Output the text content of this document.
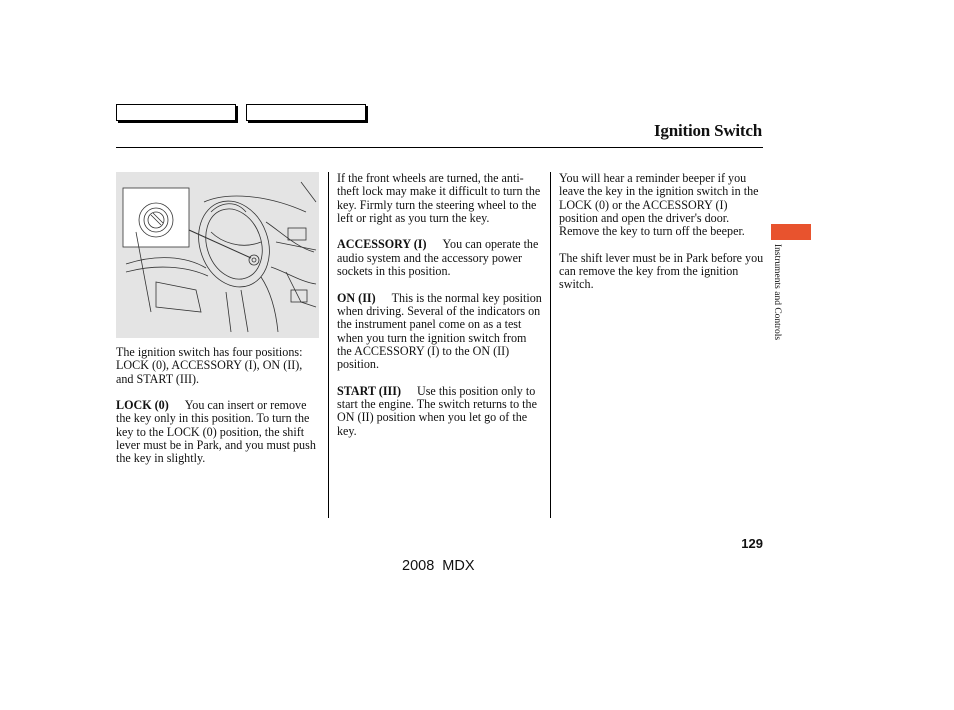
Ignition Switch

The ignition switch has four positions: LOCK (0), ACCESSORY (I), ON (II), and START (III).

LOCK (0) You can insert or remove the key only in this position. To turn the key to the LOCK (0) position, the shift lever must be in Park, and you must push the key in slightly.

If the front wheels are turned, the anti-theft lock may make it difficult to turn the key. Firmly turn the steering wheel to the left or right as you turn the key.

ACCESSORY (I) You can operate the audio system and the accessory power sockets in this position.

ON (II) This is the normal key position when driving. Several of the indicators on the instrument panel come on as a test when you turn the ignition switch from the ACCESSORY (I) to the ON (II) position.

START (III) Use this position only to start the engine. The switch returns to the ON (II) position when you let go of the key.

You will hear a reminder beeper if you leave the key in the ignition switch in the LOCK (0) or the ACCESSORY (I) position and open the driver's door. Remove the key to turn off the beeper.

The shift lever must be in Park before you can remove the key from the ignition switch.	Instruments and Controls
129
2008 MDX
